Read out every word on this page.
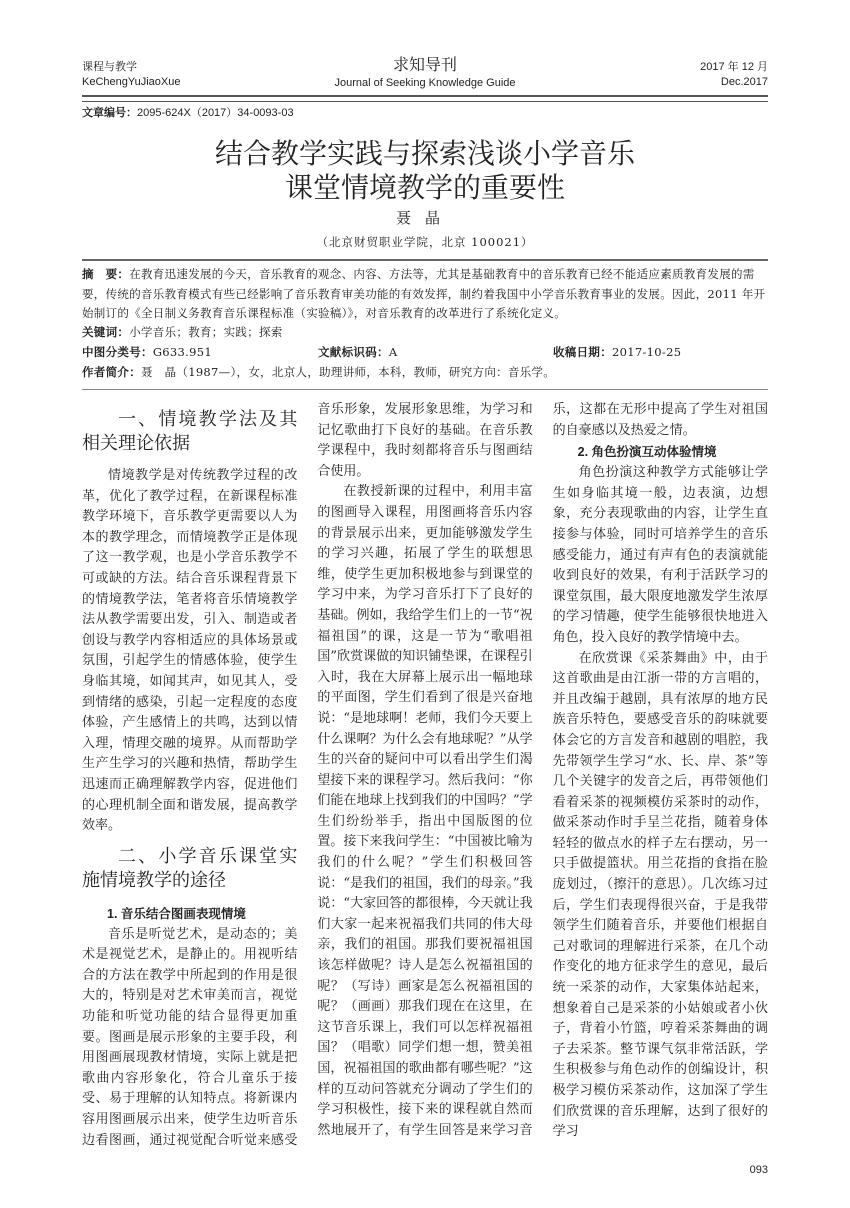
课程与教学
KeChengYuJiaoXue
求知导刊
Journal of Seeking Knowledge Guide
2017 年 12 月
Dec.2017
文章编号：2095-624X（2017）34-0093-03
结合教学实践与探索浅谈小学音乐
课堂情境教学的重要性
聂晶
（北京财贸职业学院，北京 100021）
摘　要：在教育迅速发展的今天，音乐教育的观念、内容、方法等，尤其是基础教育中的音乐教育已经不能适应素质教育发展的需要，传统的音乐教育模式有些已经影响了音乐教育审美功能的有效发挥，制约着我国中小学音乐教育事业的发展。因此，2011 年开始制订的《全日制义务教育音乐课程标准（实验稿）》，对音乐教育的改革进行了系统化定义。
关键词：小学音乐；教育；实践；探索
中图分类号：G633.951	文献标识码：A	收稿日期：2017-10-25
作者简介：聂　晶（1987—），女，北京人，助理讲师，本科，教师，研究方向：音乐学。
一、情境教学法及其相关理论依据

情境教学是对传统教学过程的改革，优化了教学过程，在新课程标准教学环境下，音乐教学更需要以人为本的教学理念，而情境教学正是体现了这一教学观，也是小学音乐教学不可或缺的方法。结合音乐课程背景下的情境教学法，笔者将音乐情境教学法从教学需要出发，引入、制造或者创设与教学内容相适应的具体场景或氛围，引起学生的情感体验，使学生身临其境，如闻其声，如见其人，受到情绪的感染，引起一定程度的态度体验，产生感情上的共鸣，达到以情入理，情理交融的境界。从而帮助学生产生学习的兴趣和热情，帮助学生迅速而正确理解教学内容，促进他们的心理机制全面和谐发展，提高教学效率。

二、小学音乐课堂实施情境教学的途径
1. 音乐结合图画表现情境

音乐是听觉艺术，是动态的；美术是视觉艺术，是静止的。用视听结合的方法在教学中所起到的作用是很大的，特别是对艺术审美而言，视觉功能和听觉功能的结合显得更加重要。图画是展示形象的主要手段，利用图画展现教材情境，实际上就是把歌曲内容形象化，符合儿童乐于接受、易于理解的认知特点。将新课内容用图画展示出来，使学生边听音乐边看图画，通过视觉配合听觉来感受音乐形象，发展形象思维，为学习和记忆歌曲打下良好的基础。在音乐教学课程中，我时刻都将音乐与图画结合使用。

在教授新课的过程中，利用丰富的图画导入课程，用图画将音乐内容的背景展示出来，更加能够激发学生的学习兴趣，拓展了学生的联想思维，使学生更加积极地参与到课堂的学习中来，为学习音乐打下了良好的基础。例如，我给学生们上的一节“祝福祖国”的课，这是一节为“歌唱祖国”欣赏课做的知识铺垫课，在课程引入时，我在大屏幕上展示出一幅地球的平面图，学生们看到了很是兴奋地说：“是地球啊！老师，我们今天要上什么课啊？为什么会有地球呢？”从学生的兴奋的疑问中可以看出学生们渴望接下来的课程学习。然后我问：“你们能在地球上找到我们的中国吗？”学生们纷纷举手，指出中国版图的位置。接下来我问学生：“中国被比喻为我们的什么呢？”学生们积极回答说：“是我们的祖国，我们的母亲。”我说：“大家回答的都很棒，今天就让我们大家一起来祝福我们共同的伟大母亲，我们的祖国。那我们要祝福祖国该怎样做呢？诗人是怎么祝福祖国的呢？（写诗）画家是怎么祝福祖国的呢？（画画）那我们现在在这里，在这节音乐课上，我们可以怎样祝福祖国？（唱歌）同学们想一想，赞美祖国，祝福祖国的歌曲都有哪些呢？”这样的互动问答就充分调动了学生们的学习积极性，接下来的课程就自然而然地展开了，有学生回答是来学习音乐，这都在无形中提高了学生对祖国的自豪感以及热爱之情。

2. 角色扮演互动体验情境

角色扮演这种教学方式能够让学生如身临其境一般，边表演，边想象，充分表现歌曲的内容，让学生直接参与体验，同时可培养学生的音乐感受能力，通过有声有色的表演就能收到良好的效果，有利于活跃学习的课堂氛围，最大限度地激发学生浓厚的学习情趣，使学生能够很快地进入角色，投入良好的教学情境中去。

在欣赏课《采茶舞曲》中，由于这首歌曲是由江浙一带的方言唱的，并且改编于越剧，具有浓厚的地方民族音乐特色，要感受音乐的韵味就要体会它的方言发音和越剧的唱腔，我先带领学生学习“水、长、岸、茶”等几个关键字的发音之后，再带领他们看着采茶的视频模仿采茶时的动作，做采茶动作时手呈兰花指，随着身体轻轻的做点水的样子左右摆动，另一只手做提篮状。用兰花指的食指在脸庞划过，（擦汗的意思）。几次练习过后，学生们表现得很兴奋，于是我带领学生们随着音乐，并要他们根据自己对歌词的理解进行采茶，在几个动作变化的地方征求学生的意见，最后统一采茶的动作，大家集体站起来，想象着自己是采茶的小姑娘或者小伙子，背着小竹篮，哼着采茶舞曲的调子去采茶。整节课气氛非常活跃，学生积极参与角色动作的创编设计，积极学习模仿采茶动作，这加深了学生们欣赏课的音乐理解，达到了很好的学习

093
